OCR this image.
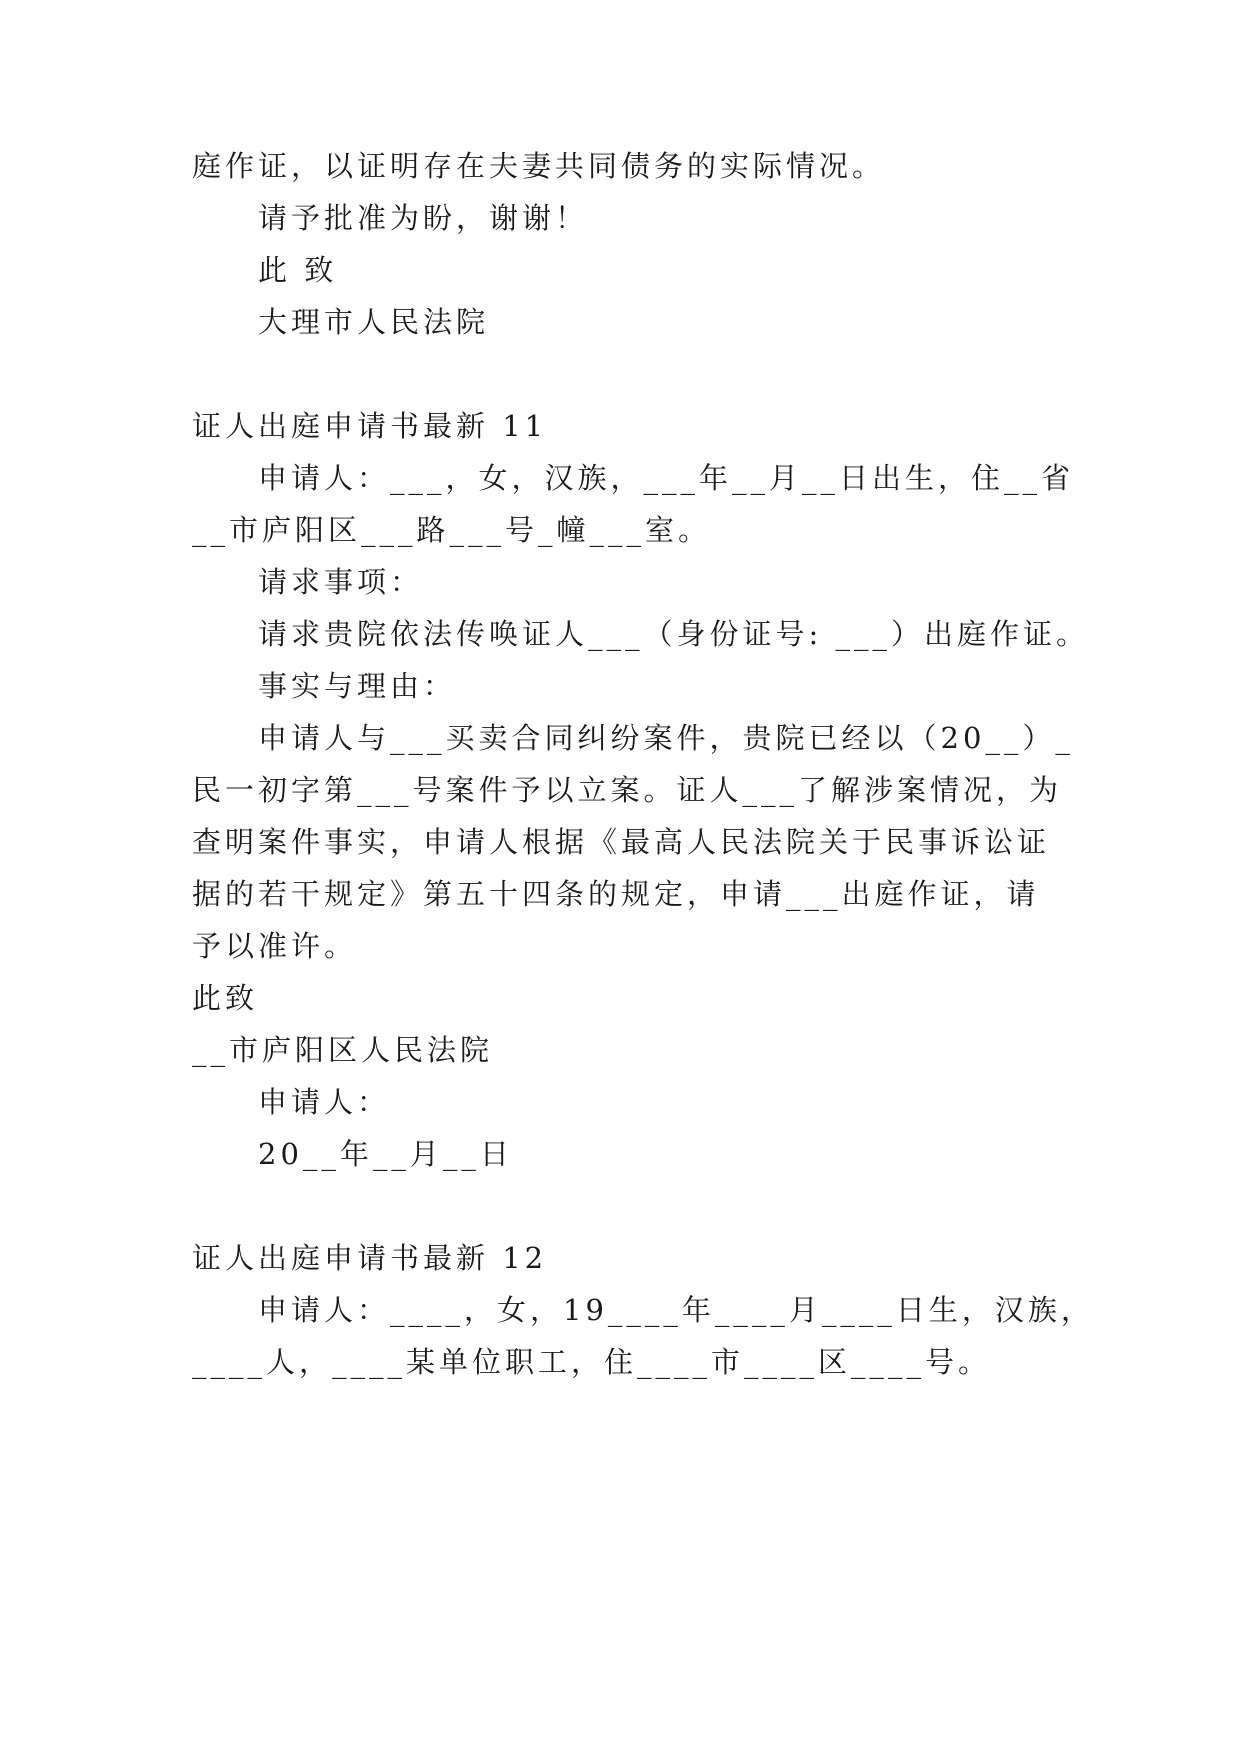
庭作证，以证明存在夫妻共同债务的实际情况。
请予批准为盼，谢谢！
此 致
大理市人民法院
证人出庭申请书最新 11
申请人：___，女，汉族，___年__月__日出生，住__省
__市庐阳区___路___号_幢___室。
请求事项：
请求贵院依法传唤证人___（身份证号: ___）出庭作证。
事实与理由：
申请人与___买卖合同纠纷案件，贵院已经以（20__）_
民一初字第___号案件予以立案。证人___了解涉案情况，为
查明案件事实，申请人根据《最高人民法院关于民事诉讼证
据的若干规定》第五十四条的规定，申请___出庭作证，请
予以准许。
此致
__市庐阳区人民法院
申请人：
20__年__月__日
证人出庭申请书最新 12
申请人：____，女，19____年____月____日生，汉族，
____人，____某单位职工，住____市____区____号。
